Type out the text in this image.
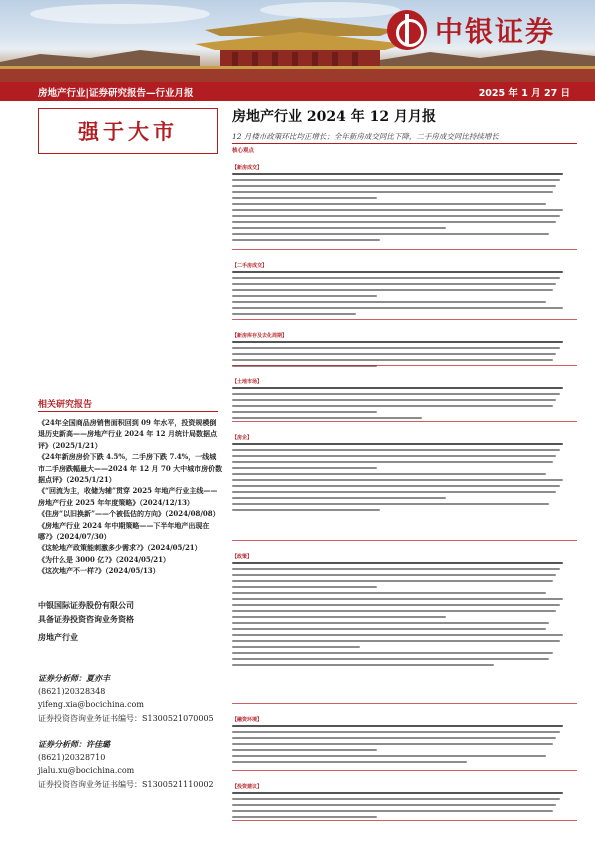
中银证券
房地产行业|证券研究报告—行业月报	2025 年 1 月 27 日
强于大市
相关研究报告

《24年全国商品房销售面积回到 09 年水平，投资规模倒退历史新高——房地产行业 2024 年 12 月统计局数据点评》（2025/1/21）

《24年新房房价下跌 4.5%，二手房下跌 7.4%，一线城市二手房跌幅最大——2024 年 12 月 70 大中城市房价数据点评》（2025/1/21）

《“回流为主，收储为辅”贯穿 2025 年地产行业主线——房地产行业 2025 年年度策略》（2024/12/13）

《住房“以旧换新”——个被低估的方向》（2024/08/08）

《房地产行业 2024 年中期策略——下半年地产出现在哪?》（2024/07/30）

《这轮地产政策能刺激多少需求?》（2024/05/21）

《为什么是 3000 亿?》（2024/05/21）

《这次地产不一样?》（2024/05/13）

中银国际证券股份有限公司
具备证券投资咨询业务资格
房地产行业
证券分析师：夏亦丰
(8621)20328348
yifeng.xia@bocichina.com
证券投资咨询业务证书编号：S1300521070005
证券分析师：许佳璐
(8621)20328710
jialu.xu@bocichina.com
证券投资咨询业务证书编号：S1300521110002
房地产行业 2024 年 12 月月报
12 月楼市政策环比均正增长；全年新房成交同比下降，二手房成交同比持续增长
核心观点
【新房成交】
【二手房成交】
【新房库存及去化周期】
【土地市场】
【房企】
【政策】
【融资环境】
【投资建议】
